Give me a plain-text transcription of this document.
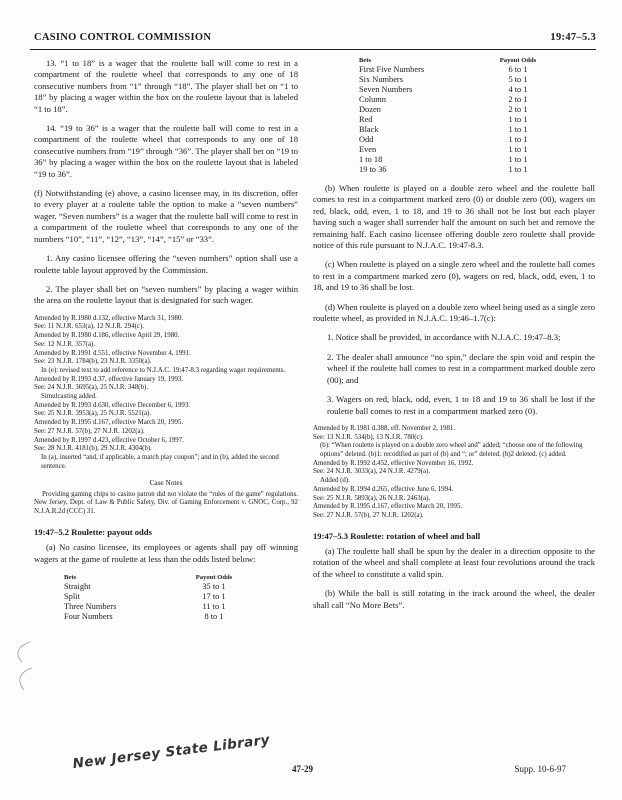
CASINO CONTROL COMMISSION	19:47–5.3

13. “1 to 18” is a wager that the roulette ball will come to rest in a compartment of the roulette wheel that corresponds to any one of 18 consecutive numbers from “1” through “18”. The player shall bet on “1 to 18” by placing a wager within the box on the roulette layout that is labeled “1 to 18”.

14. “19 to 36” is a wager that the roulette ball will come to rest in a compartment of the roulette wheel that corresponds to any one of 18 consecutive numbers from “19” through “36”. The player shall bet on “19 to 36” by placing a wager within the box on the roulette layout that is labeled “19 to 36”.

(f) Notwithstanding (e) above, a casino licensee may, in its discretion, offer to every player at a roulette table the option to make a “seven numbers” wager. “Seven numbers” is a wager that the roulette ball will come to rest in a compartment of the roulette wheel that corresponds to any one of the numbers “10”, “11”, “12”, “13”, “14”, “15” or “33”.

1. Any casino licensee offering the “seven numbers” option shall use a roulette table layout approved by the Commission.

2. The player shall bet on “seven numbers” by placing a wager within the area on the roulette layout that is designated for such wager.

Amended by R.1980 d.132, effective March 31, 1980.
See: 11 N.J.R. 653(a), 12 N.J.R. 294(c).
Amended by R.1980 d.186, effective April 29, 1980.
See: 12 N.J.R. 357(a).
Amended by R.1991 d.551, effective November 4, 1991.
See: 23 N.J.R. 1784(b), 23 N.J.R. 3350(a).
In (e): revised text to add reference to N.J.A.C. 19:47-8.3 regarding wager requirements.
Amended by R.1993 d.37, effective January 19, 1993.
See: 24 N.J.R. 3695(a), 25 N.J.R. 348(b).
Simulcasting added.
Amended by R.1993 d.630, effective December 6, 1993.
See: 25 N.J.R. 3953(a), 25 N.J.R. 5521(a).
Amended by R.1995 d.167, effective March 20, 1995.
See: 27 N.J.R. 57(b), 27 N.J.R. 1202(a).
Amended by R.1997 d.423, effective October 6, 1997.
See: 28 N.J.R. 4181(b), 29 N.J.R. 4304(b).
In (a), inserted “and, if applicable, a match play coupon”; and in (b), added the second sentence.
Case Notes
Providing gaming chips to casino patron did not violate the “rules of the game” regulations. New Jersey, Dept. of Law & Public Safety, Div. of Gaming Enforcement v. GNOC, Corp., 92 N.J.A.R.2d (CCC) 31.
19:47–5.2 Roulette: payout odds

(a) No casino licensee, its employees or agents shall pay off winning wagers at the game of roulette at less than the odds listed below:

Bets	Payout Odds
Straight	35 to 1
Split	17 to 1
Three Numbers	11 to 1
Four Numbers	8 to 1
Bets	Payout Odds
First Five Numbers	6 to 1
Six Numbers	5 to 1
Seven Numbers	4 to 1
Column	2 to 1
Dozen	2 to 1
Red	1 to 1
Black	1 to 1
Odd	1 to 1
Even	1 to 1
1 to 18	1 to 1
19 to 36	1 to 1

(b) When roulette is played on a double zero wheel and the roulette ball comes to rest in a compartment marked zero (0) or double zero (00), wagers on red, black, odd, even, 1 to 18, and 19 to 36 shall not be lost but each player having such a wager shall surrender half the amount on such bet and remove the remaining half. Each casino licensee offering double zero roulette shall provide notice of this rule pursuant to N.J.A.C. 19:47-8.3.

(c) When roulette is played on a single zero wheel and the roulette ball comes to rest in a compartment marked zero (0), wagers on red, black, odd, even, 1 to 18, and 19 to 36 shall be lost.

(d) When roulette is played on a double zero wheel being used as a single zero roulette wheel, as provided in N.J.A.C. 19:46–1.7(c):

1. Notice shall be provided, in accordance with N.J.A.C. 19:47–8.3;

2. The dealer shall announce “no spin,” declare the spin void and respin the wheel if the roulette ball comes to rest in a compartment marked double zero (00); and

3. Wagers on red, black, odd, even, 1 to 18 and 19 to 36 shall be lost if the roulette ball comes to rest in a compartment marked zero (0).

Amended by R.1981 d.388, eff. November 2, 1981.
See: 13 N.J.R. 534(b), 13 N.J.R. 780(c).
(b): “When roulette is played on a double zero wheel and” added; “choose one of the following options” deleted. (b)1: recodified as part of (b) and “; or” deleted. (b)2 deleted. (c) added.
Amended by R.1992 d.452, effective November 16, 1992.
See: 24 N.J.R. 3033(a), 24 N.J.R. 4279(a).
Added (d).
Amended by R.1994 d.265, effective June 6, 1994.
See: 25 N.J.R. 5893(a), 26 N.J.R. 2463(a).
Amended by R.1995 d.167, effective March 20, 1995.
See: 27 N.J.R. 57(b), 27 N.J.R. 1202(a).
19:47–5.3 Roulette: rotation of wheel and ball

(a) The roulette ball shall be spun by the dealer in a direction opposite to the rotation of the wheel and shall complete at least four revolutions around the track of the wheel to constitute a valid spin.

(b) While the ball is still rotating in the track around the wheel, the dealer shall call “No More Bets”.

New Jersey State Library 47-29	Supp. 10-6-97
